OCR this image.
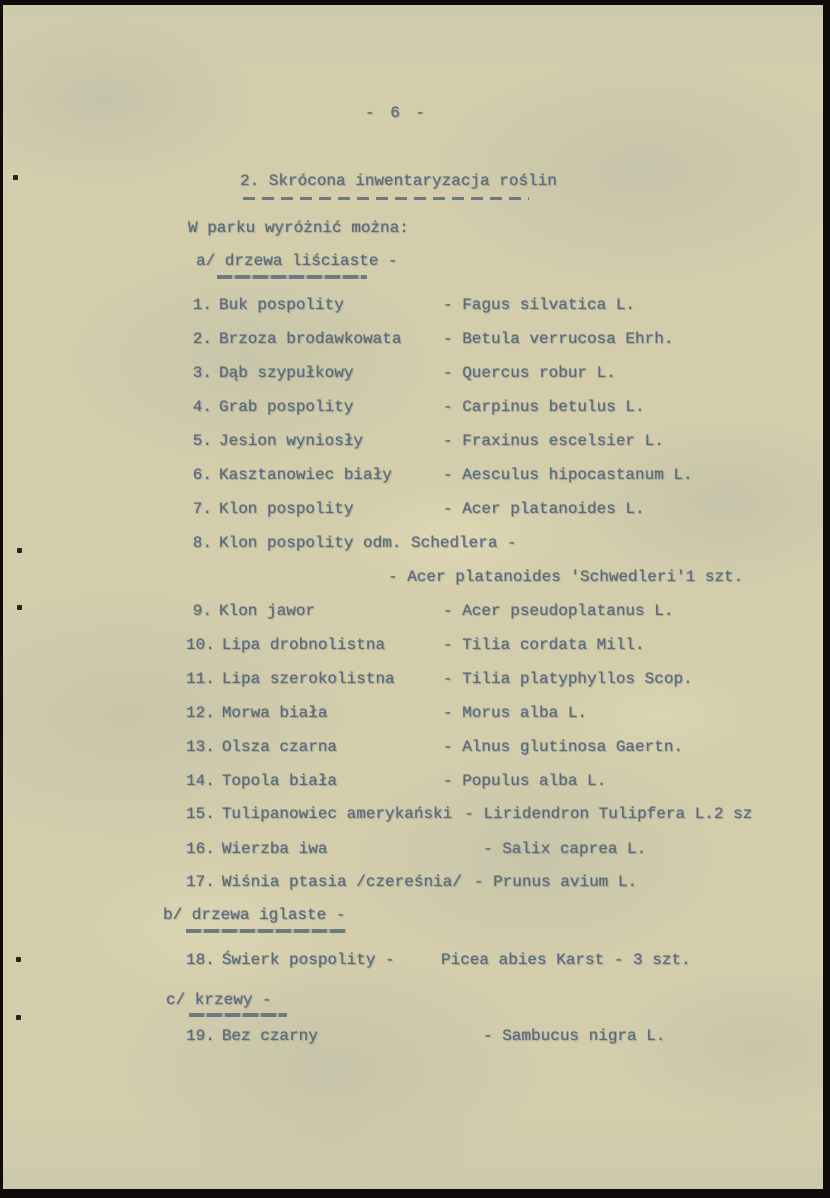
- 6 -
2. Skrócona inwentaryzacja roślin
W parku wyróżnić można:
a/ drzewa liściaste -
1. Buk pospolity	- Fagus silvatica L.
2. Brzoza brodawkowata	- Betula verrucosa Ehrh.
3. Dąb szypułkowy	- Quercus robur L.
4. Grab pospolity	- Carpinus betulus L.
5. Jesion wyniosły	- Fraxinus escelsier L.
6. Kasztanowiec biały	- Aesculus hipocastanum L.
7. Klon pospolity	- Acer platanoides L.
8. Klon pospolity odm. Schedlera -
- Acer platanoides 'Schwedleri'1 szt.
9. Klon jawor	- Acer pseudoplatanus L.
10. Lipa drobnolistna	- Tilia cordata Mill.
11. Lipa szerokolistna	- Tilia platyphyllos Scop.
12. Morwa biała	- Morus alba L.
13. Olsza czarna	- Alnus glutinosa Gaertn.
14. Topola biała	- Populus alba L.
15. Tulipanowiec amerykański - Liridendron Tulipfera L.2 sz
16. Wierzba iwa	- Salix caprea L.
17. Wiśnia ptasia /czereśnia/ - Prunus avium L.
b/ drzewa iglaste -
18. Świerk pospolity -	Picea abies Karst - 3 szt.
c/ krzewy -
19. Bez czarny	- Sambucus nigra L.
